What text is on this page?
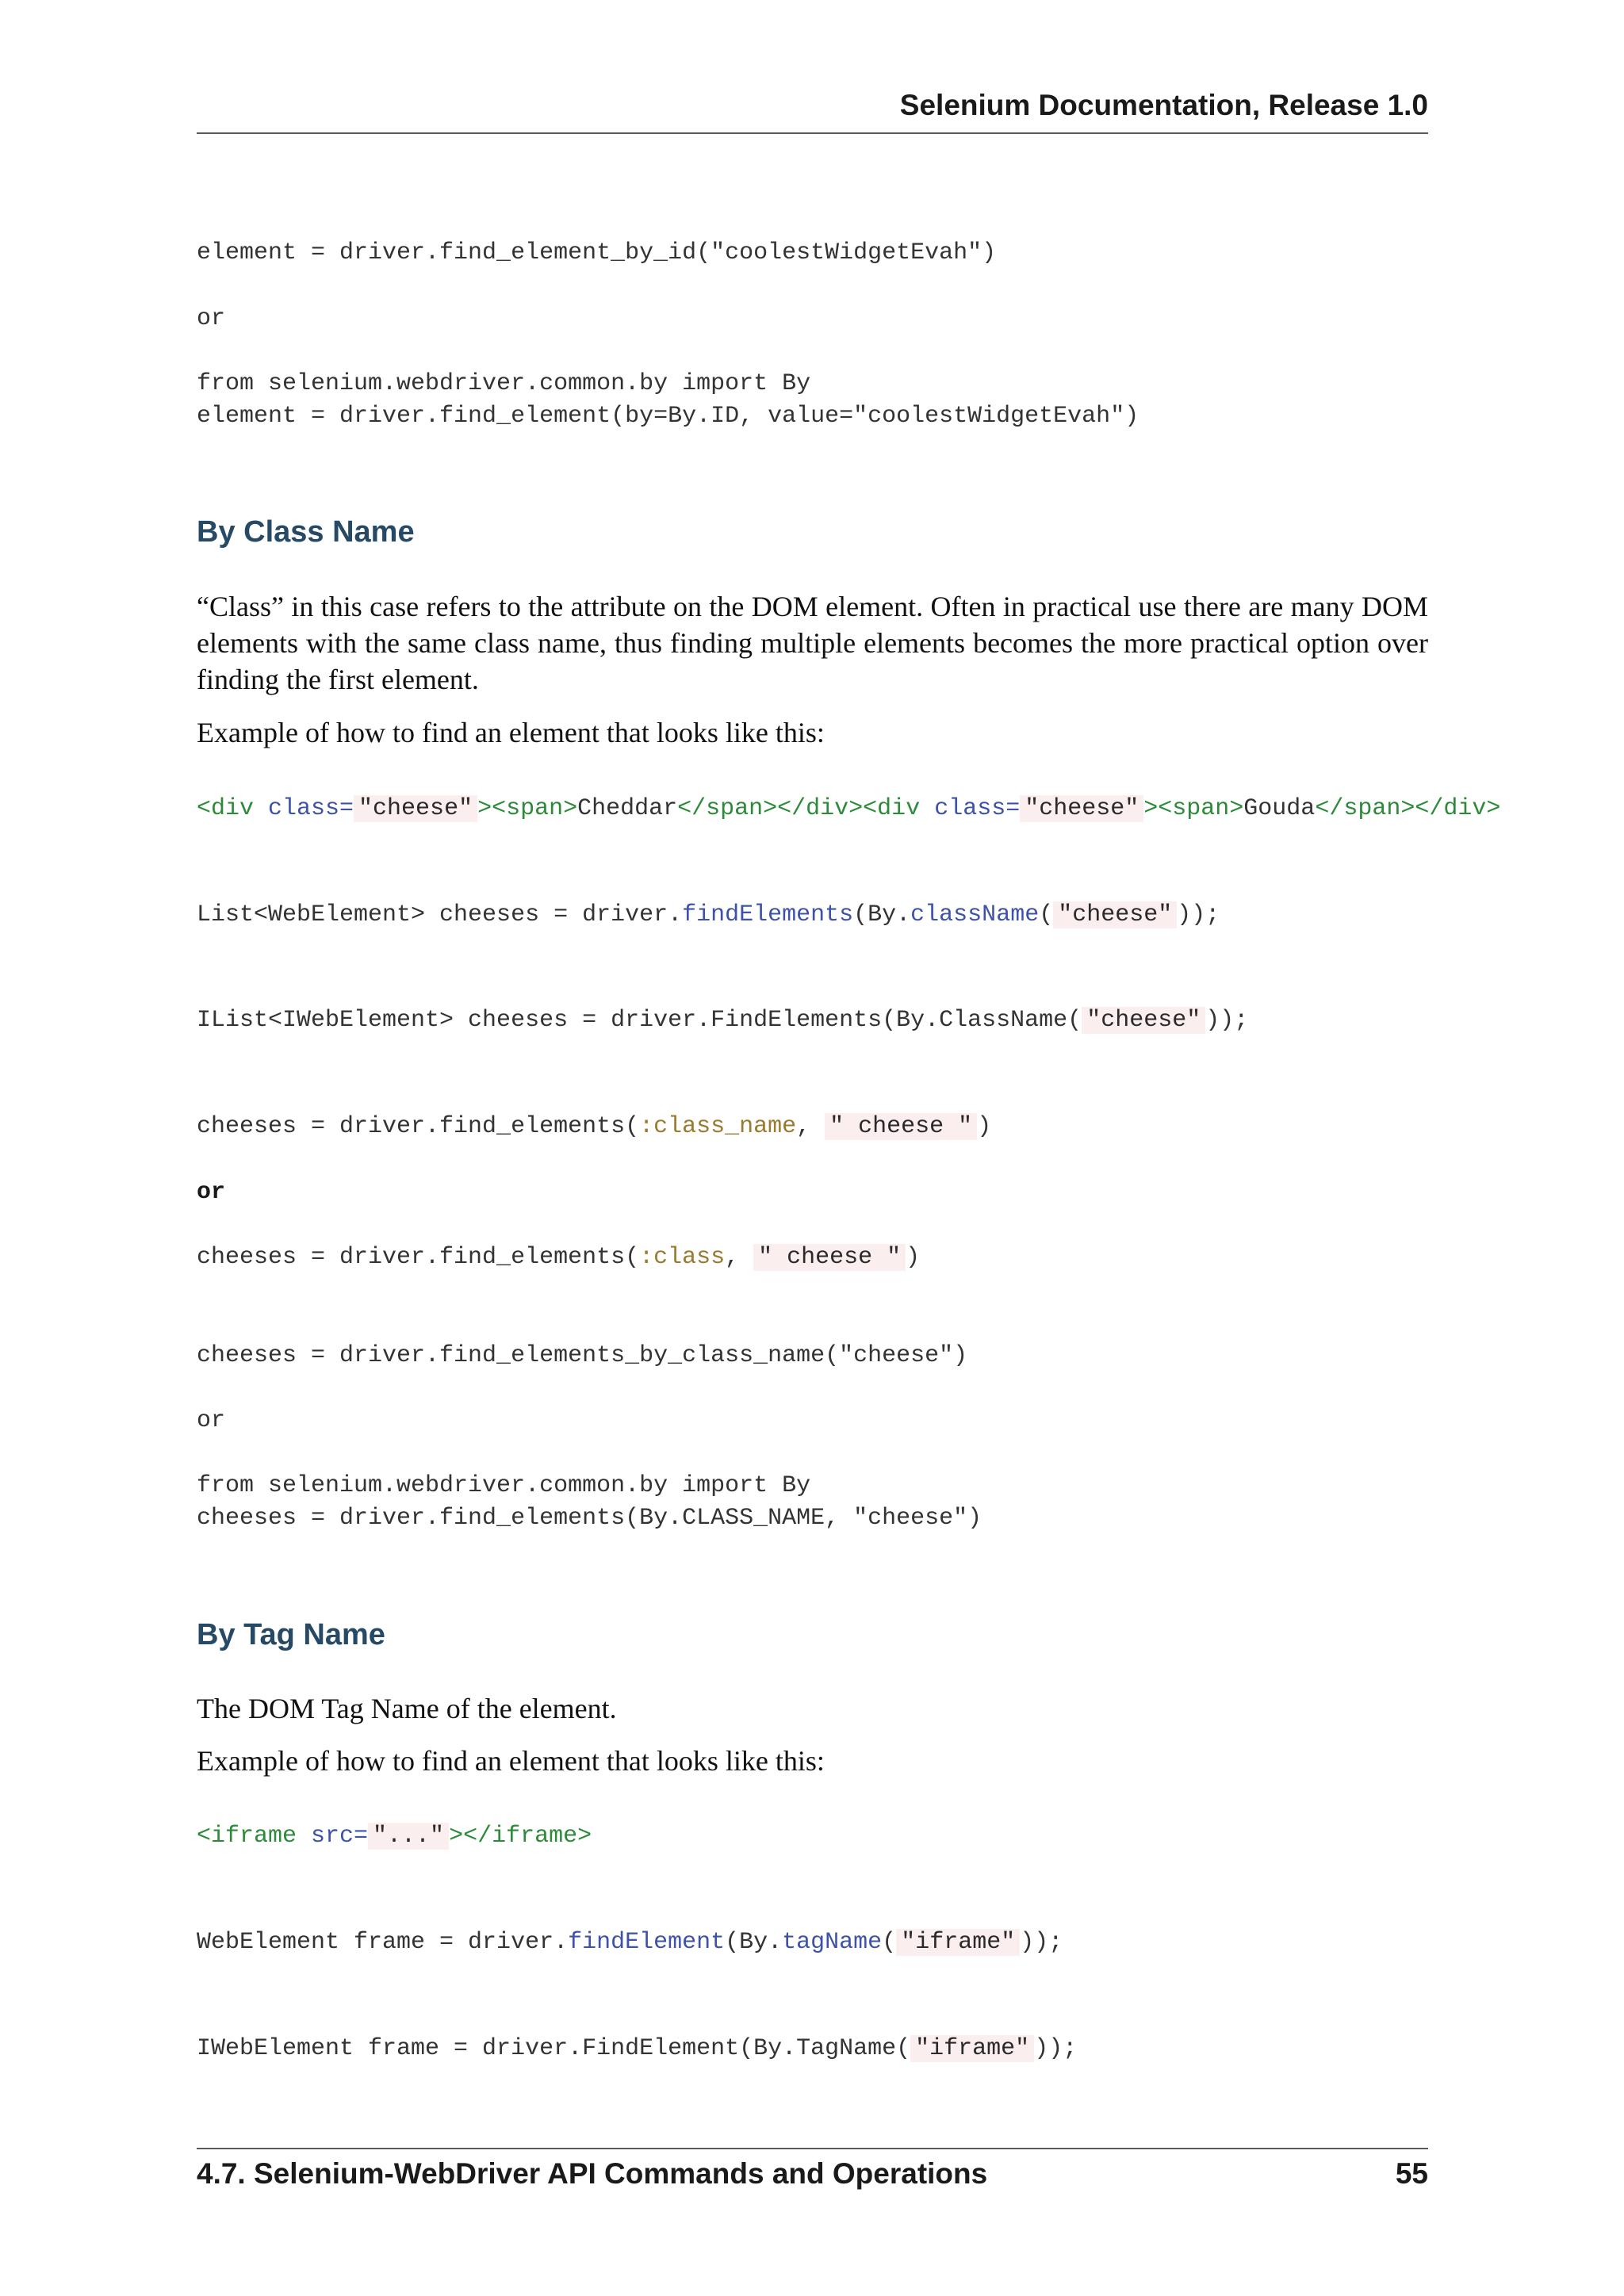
Selenium Documentation, Release 1.0
element = driver.find_element_by_id("coolestWidgetEvah")
or
from selenium.webdriver.common.by import By
element = driver.find_element(by=By.ID, value="coolestWidgetEvah")
By Class Name

“Class” in this case refers to the attribute on the DOM element. Often in practical use there are many DOM elements with the same class name, thus finding multiple elements becomes the more practical option over finding the first element.

Example of how to find an element that looks like this:

<div class= "cheese" ><span>Cheddar</span></div><div class= "cheese" ><span>Gouda</span></div>
List<WebElement> cheeses = driver.findElements(By.className( "cheese" ));
IList<IWebElement> cheeses = driver.FindElements(By.ClassName( "cheese" ));
cheeses = driver.find_elements(:class_name, " cheese " )
or
cheeses = driver.find_elements(:class, " cheese " )
cheeses = driver.find_elements_by_class_name("cheese")
or
from selenium.webdriver.common.by import By
cheeses = driver.find_elements(By.CLASS_NAME, "cheese")
By Tag Name

The DOM Tag Name of the element.

Example of how to find an element that looks like this:

<iframe src= "..." ></iframe>
WebElement frame = driver.findElement(By.tagName( "iframe" ));
IWebElement frame = driver.FindElement(By.TagName( "iframe" ));
4.7. Selenium-WebDriver API Commands and Operations	55
